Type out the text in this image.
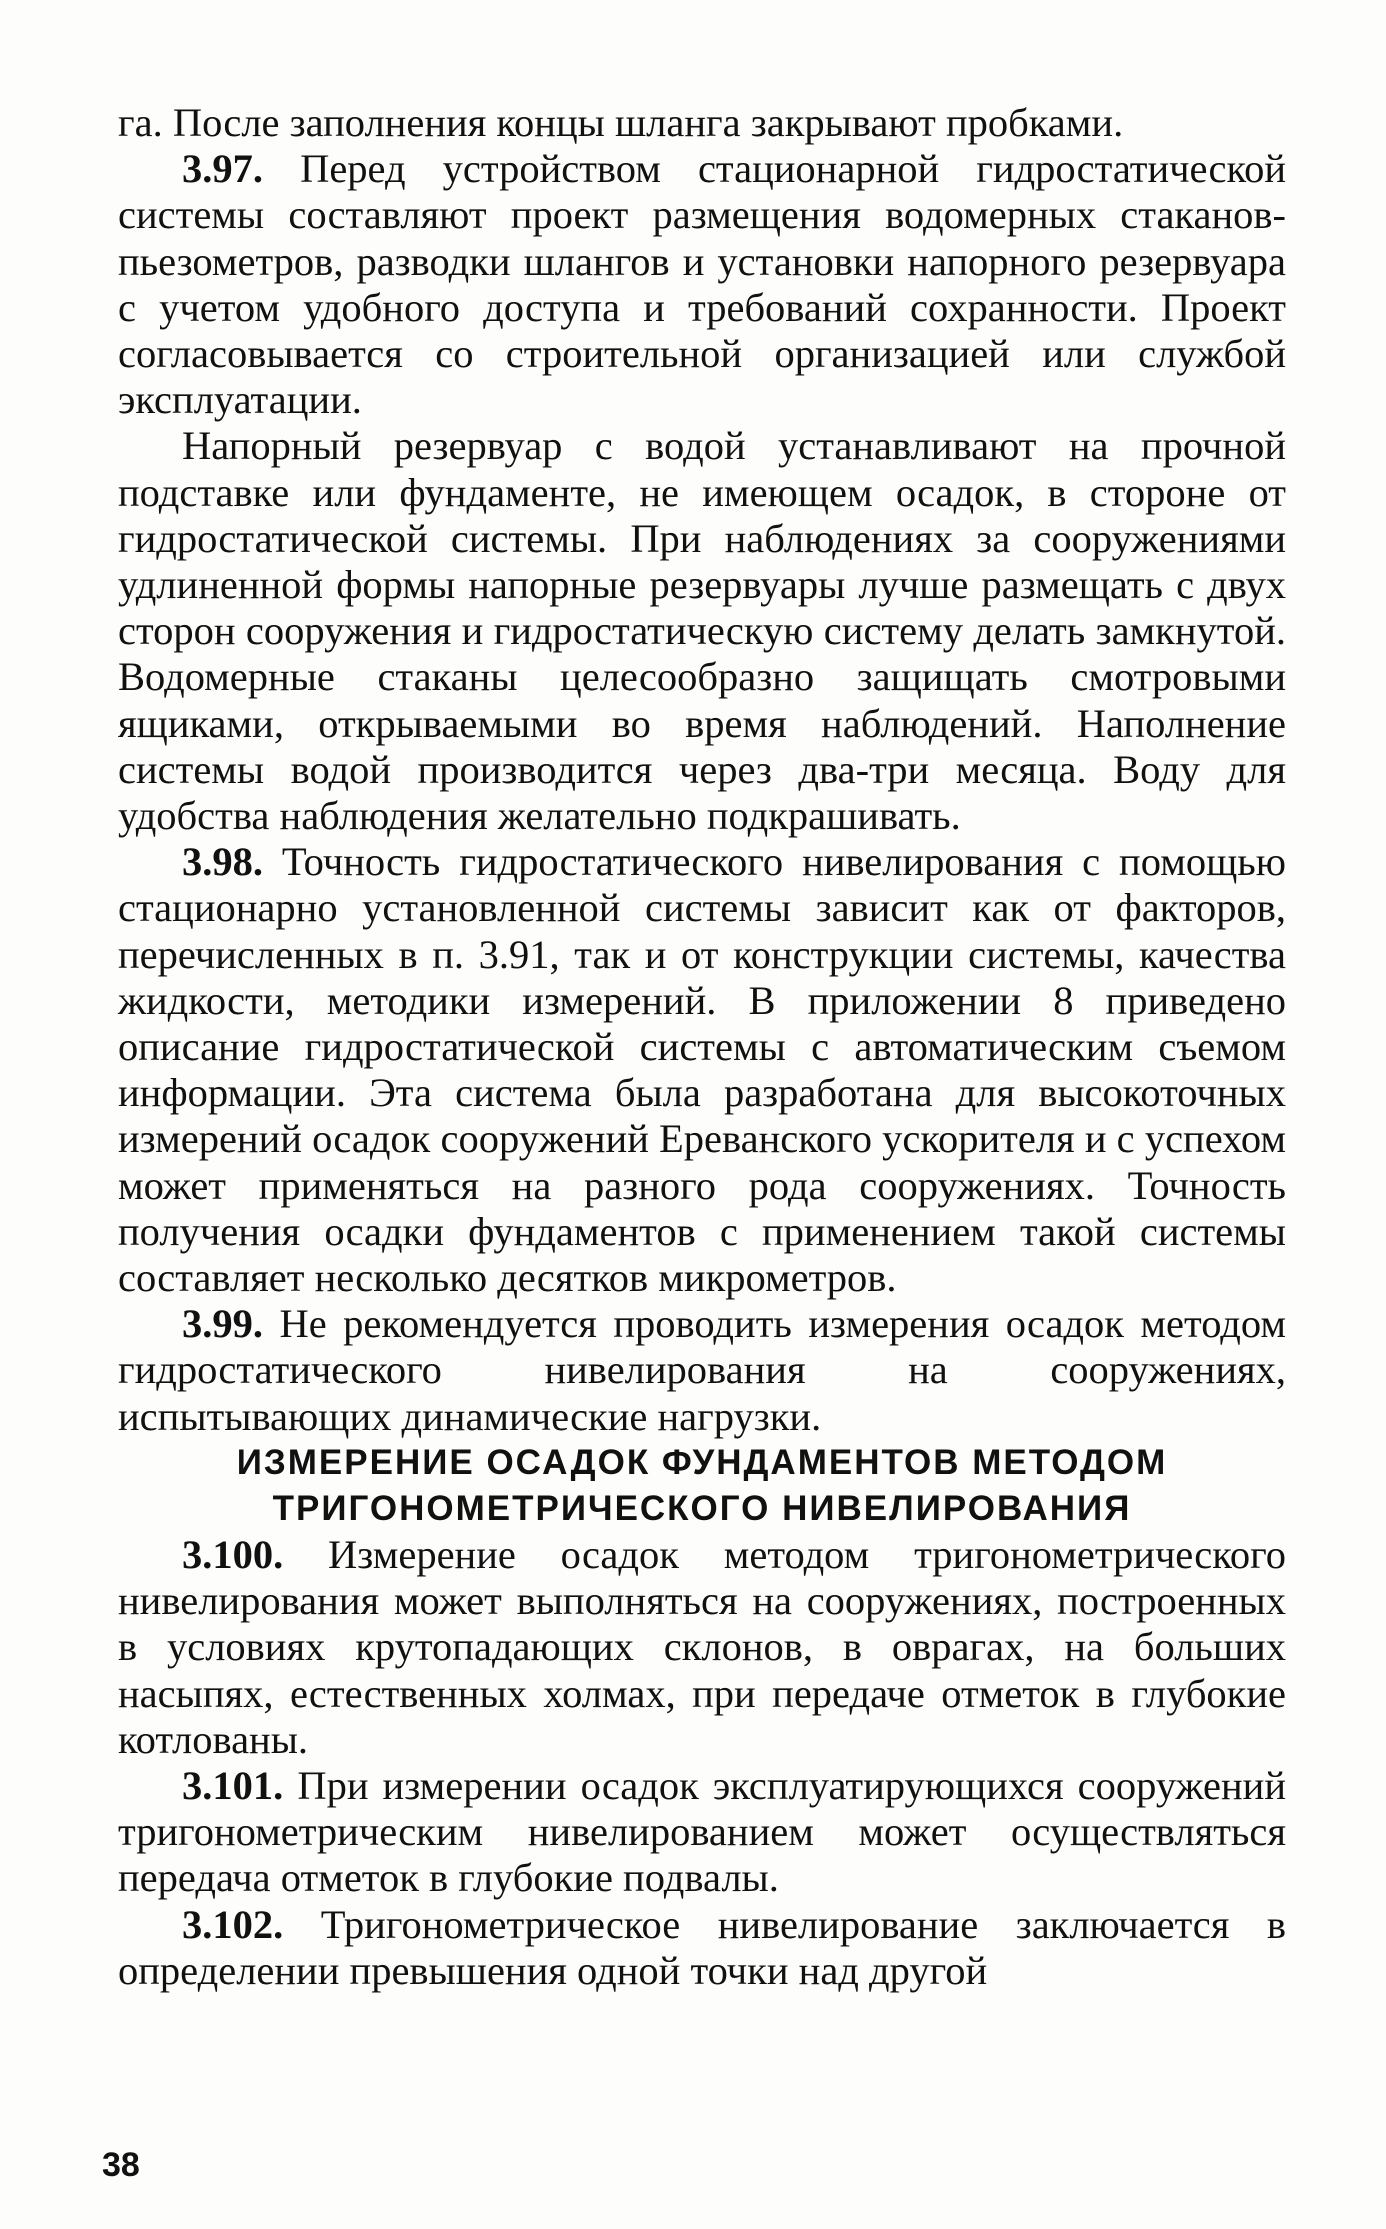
га. После заполнения концы шланга закрывают пробками.

3.97. Перед устройством стационарной гидростатической системы составляют проект размещения водомерных стаканов-пьезометров, разводки шлангов и установки напорного резервуара с учетом удобного доступа и требований сохранности. Проект согласовывается со строительной организацией или службой эксплуатации.

Напорный резервуар с водой устанавливают на прочной подставке или фундаменте, не имеющем осадок, в стороне от гидростатической системы. При наблюдениях за сооружениями удлиненной формы напорные резервуары лучше размещать с двух сторон сооружения и гидростатическую систему делать замкнутой. Водомерные стаканы целесообразно защищать смотровыми ящиками, открываемыми во время наблюдений. Наполнение системы водой производится через два-три месяца. Воду для удобства наблюдения желательно подкрашивать.

3.98. Точность гидростатического нивелирования с помощью стационарно установленной системы зависит как от факторов, перечисленных в п. 3.91, так и от конструкции системы, качества жидкости, методики измерений. В приложении 8 приведено описание гидростатической системы с автоматическим съемом информации. Эта система была разработана для высокоточных измерений осадок сооружений Ереванского ускорителя и с успехом может применяться на разного рода сооружениях. Точность получения осадки фундаментов с применением такой системы составляет несколько десятков микрометров.

3.99. Не рекомендуется проводить измерения осадок методом гидростатического нивелирования на сооружениях, испытывающих динамические нагрузки.

ИЗМЕРЕНИЕ ОСАДОК ФУНДАМЕНТОВ МЕТОДОМ
ТРИГОНОМЕТРИЧЕСКОГО НИВЕЛИРОВАНИЯ

3.100. Измерение осадок методом тригонометрического нивелирования может выполняться на сооружениях, построенных в условиях крутопадающих склонов, в оврагах, на больших насыпях, естественных холмах, при передаче отметок в глубокие котлованы.

3.101. При измерении осадок эксплуатирующихся сооружений тригонометрическим нивелированием может осуществляться передача отметок в глубокие подвалы.

3.102. Тригонометрическое нивелирование заключается в определении превышения одной точки над другой

38
